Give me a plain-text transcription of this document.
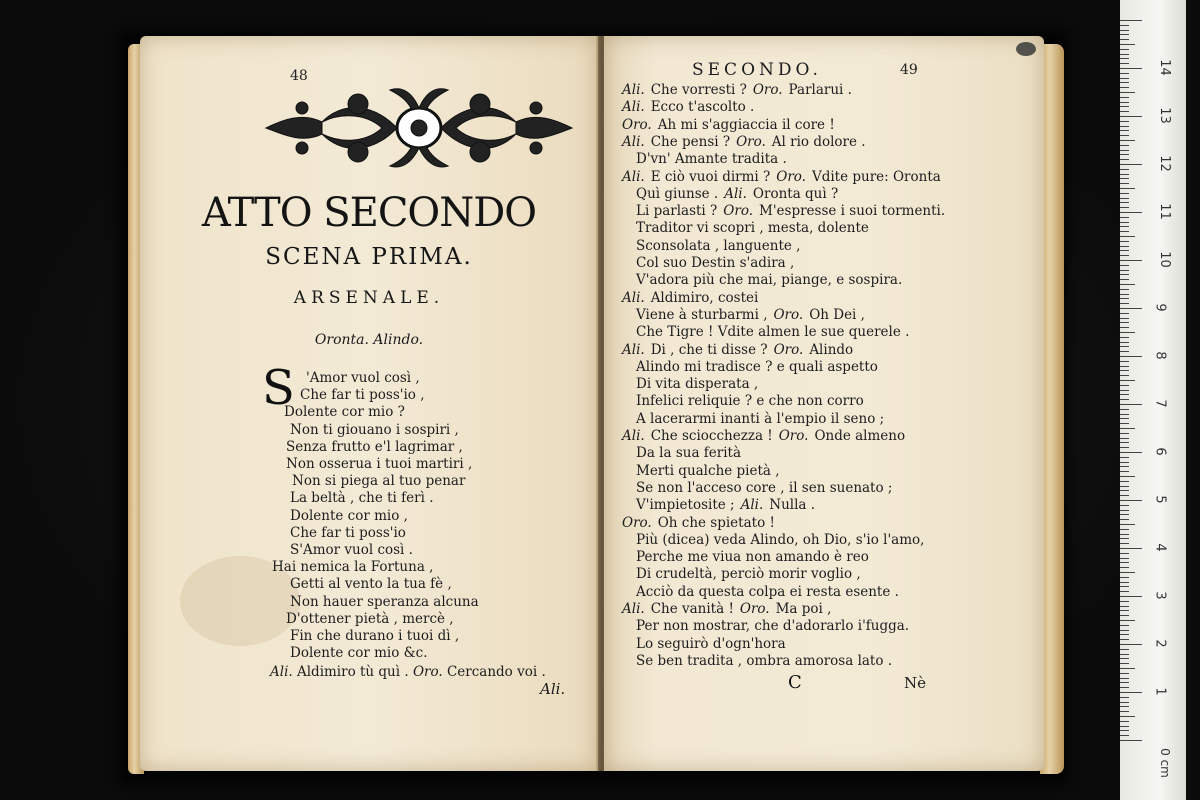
48
ATTO SECONDO
SCENA PRIMA.
ARSENALE.
Oronta. Alindo.
S
Ali. Aldimiro tù quì . Oro. Cercando voi .
Ali.
'Amor vuol così ,
Che far ti poss'io ,
Dolente cor mio ?
Non ti giouano i sospiri ,
Senza frutto e'l lagrimar ,
Non osserua i tuoi martiri ,
Non si piega al tuo penar
La beltà , che ti ferì .
Dolente cor mio ,
Che far ti poss'io
S'Amor vuol così .
Hai nemica la Fortuna ,
Getti al vento la tua fè ,
Non hauer speranza alcuna
D'ottener pietà , mercè ,
Fin che durano i tuoi dì ,
Dolente cor mio &c.
SECONDO.	49
C	Nè
Ali. Che vorresti ? Oro. Parlarui .
Ali. Ecco t'ascolto .
Oro. Ah mi s'aggiaccia il core !
Ali. Che pensi ? Oro. Al rio dolore .
D'vn' Amante tradita .
Ali. E ciò vuoi dirmi ? Oro. Vdite pure: Oronta
Quì giunse . Ali. Oronta quì ?
Li parlasti ? Oro. M'espresse i suoi tormenti.
Traditor vi scopri , mesta, dolente
Sconsolata , languente ,
Col suo Destin s'adira ,
V'adora più che mai, piange, e sospira.
Ali. Aldimiro, costei
Viene à sturbarmi , Oro. Oh Dei ,
Che Tigre ! Vdite almen le sue querele .
Ali. Di , che ti disse ? Oro. Alindo
Alindo mi tradisce ? e quali aspetto
Di vita disperata ,
Infelici reliquie ? e che non corro
A lacerarmi inanti à l'empio il seno ;
Ali. Che sciocchezza ! Oro. Onde almeno
Da la sua ferità
Merti qualche pietà ,
Se non l'acceso core , il sen suenato ;
V'impietosite ; Ali. Nulla .
Oro. Oh che spietato !
Più (dicea) veda Alindo, oh Dio, s'io l'amo,
Perche me viua non amando è reo
Di crudeltà, perciò morir voglio ,
Acciò da questa colpa ei resta esente .
Ali. Che vanità ! Oro. Ma poi ,
Per non mostrar, che d'adorarlo i'fugga.
Lo seguirò d'ogn'hora
Se ben tradita , ombra amorosa lato .
14
13
12
11
10
9
8
7
6
5
4
3
2
1
0 cm
